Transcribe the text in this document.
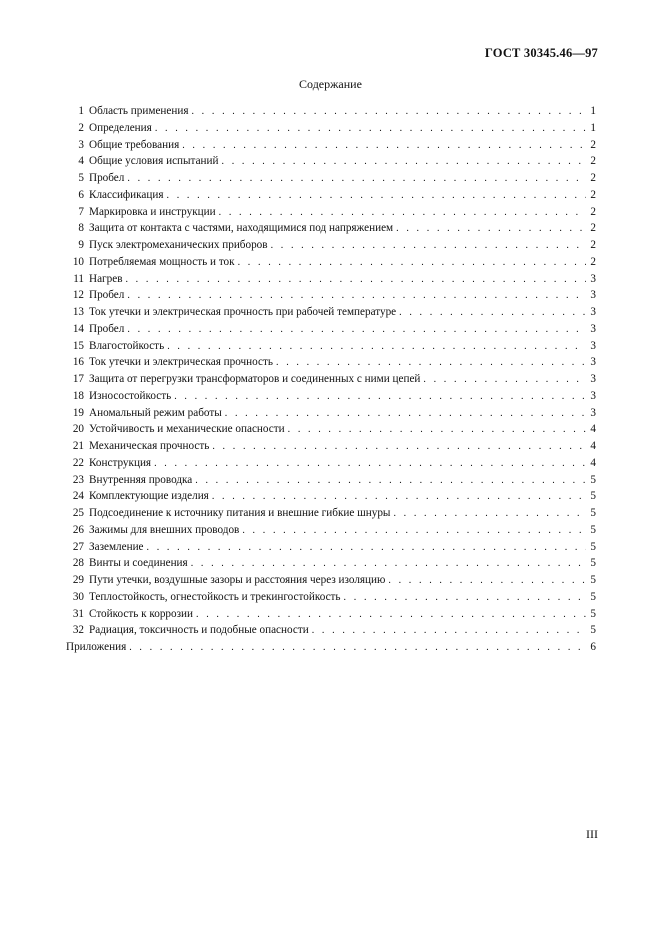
ГОСТ 30345.46—97
Содержание
1 Область применения . . .	1
2 Определения . . .	1
3 Общие требования . . .	2
4 Общие условия испытаний . . .	2
5 Пробел . . .	2
6 Классификация . . .	2
7 Маркировка и инструкции . . .	2
8 Защита от контакта с частями, находящимися под напряжением . . .	2
9 Пуск электромеханических приборов . . .	2
10 Потребляемая мощность и ток . . .	2
11 Нагрев . . .	3
12 Пробел . . .	3
13 Ток утечки и электрическая прочность при рабочей температуре . . .	3
14 Пробел . . .	3
15 Влагостойкость . . .	3
16 Ток утечки и электрическая прочность . . .	3
17 Защита от перегрузки трансформаторов и соединенных с ними цепей . . .	3
18 Износостойкость . . .	3
19 Аномальный режим работы . . .	3
20 Устойчивость и механические опасности . . .	4
21 Механическая прочность . . .	4
22 Конструкция . . .	4
23 Внутренняя проводка . . .	5
24 Комплектующие изделия . . .	5
25 Подсоединение к источнику питания и внешние гибкие шнуры . . .	5
26 Зажимы для внешних проводов . . .	5
27 Заземление . . .	5
28 Винты и соединения . . .	5
29 Пути утечки, воздушные зазоры и расстояния через изоляцию . . .	5
30 Теплостойкость, огнестойкость и трекингостойкость . . .	5
31 Стойкость к коррозии . . .	5
32 Радиация, токсичность и подобные опасности . . .	5
Приложения . . .	6
III
